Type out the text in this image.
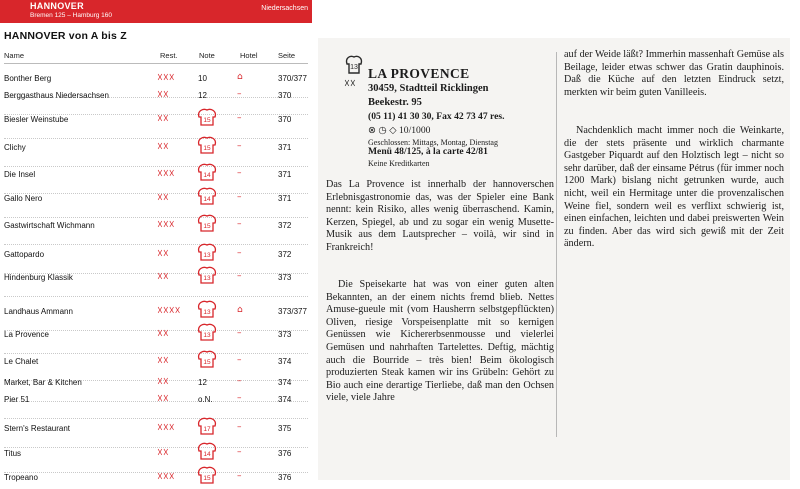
HANNOVER
Bremen 125 – Hamburg 160
Niedersachsen
HANNOVER von A bis Z
Name	Rest.	Note	Hotel	Seite
Bonther Berg	☓☓☓	10	⌂	370/377
Berggasthaus Niedersachsen	☓☓	12	–	370
Biesler Weinstube	☓☓	15	–	370
Clichy	☓☓	15	–	371
Die Insel	☓☓☓	14	–	371
Gallo Nero	☓☓	14	–	371
Gastwirtschaft Wichmann	☓☓☓	15	–	372
Gattopardo	☓☓	13	–	372
Hindenburg Klassik	☓☓	13	–	373
Landhaus Ammann	☓☓☓☓	13	⌂	373/377
La Provence	☓☓	13	–	373
Le Chalet	☓☓	15	–	374
Market, Bar & Kitchen	☓☓	12	–	374
Pier 51	☓☓	o.N.	–	374
Stern's Restaurant	☓☓☓	17	–	375
Titus	☓☓	14	–	376
Tropeano	☓☓☓	15	–	376
13
☓☓
LA PROVENCE
30459, Stadtteil Ricklingen
Beekestr. 95
(05 11) 41 30 30, Fax 42 73 47 res.
⊗ ◷ ◇ 10/1000
Geschlossen: Mittags, Montag, Dienstag
Menü 48/125, à la carte 42/81
Keine Kreditkarten
Das La Provence ist innerhalb der hannoverschen Erlebnisgastronomie das, was der Spieler eine Bank nennt: kein Risiko, alles wenig überraschend. Kamin, Kerzen, Spiegel, ab und zu sogar ein wenig Musette-Musik aus dem Lautsprecher – voilà, wir sind in Frankreich!
Die Speisekarte hat was von einer guten alten Bekannten, an der einem nichts fremd blieb. Nettes Amuse-gueule mit (vom Hausherrn selbstgepflückten) Oliven, riesige Vorspeisenplatte mit so kernigen Genüssen wie Kichererbsenmousse und vielerlei Gemüsen und nahrhaften Tartelettes. Deftig, mächtig auch die Bourride – très bien! Beim ökologisch produzierten Steak kamen wir ins Grübeln: Gehört zu Bio auch eine derartige Tierliebe, daß man den Ochsen viele, viele Jahre
auf der Weide läßt? Immerhin massenhaft Gemüse als Beilage, leider etwas schwer das Gratin dauphinois. Daß die Küche auf den letzten Eindruck setzt, merkten wir beim guten Vanilleeis.
Nachdenklich macht immer noch die Weinkarte, die der stets präsente und wirklich charmante Gastgeber Piquardt auf den Holztisch legt – nicht so sehr darüber, daß der einsame Pétrus (für immer noch 1200 Mark) bislang nicht getrunken wurde, auch nicht, weil ein Hermitage unter die provenzalischen Weine fiel, sondern weil es verflixt schwierig ist, einen einfachen, leichten und dabei preiswerten Wein zu finden. Aber das wird sich gewiß mit der Zeit ändern.
